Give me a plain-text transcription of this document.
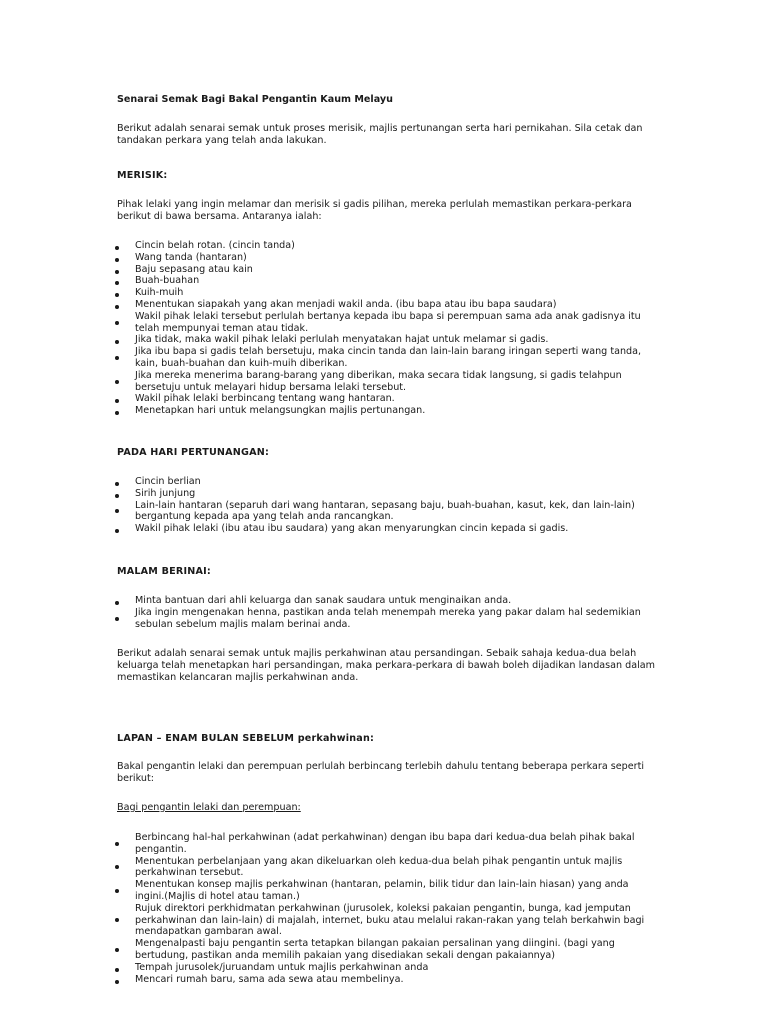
Senarai Semak Bagi Bakal Pengantin Kaum Melayu

Berikut adalah senarai semak untuk proses merisik, majlis pertunangan serta hari pernikahan. Sila cetak dan tandakan perkara yang telah anda lakukan.

MERISIK:

Pihak lelaki yang ingin melamar dan merisik si gadis pilihan, mereka perlulah memastikan perkara-perkara berikut di bawa bersama. Antaranya ialah:

Cincin belah rotan. (cincin tanda)
Wang tanda (hantaran)
Baju sepasang atau kain
Buah-buahan
Kuih-muih
Menentukan siapakah yang akan menjadi wakil anda. (ibu bapa atau ibu bapa saudara)
Wakil pihak lelaki tersebut perlulah bertanya kepada ibu bapa si perempuan sama ada anak gadisnya itu telah mempunyai teman atau tidak.
Jika tidak, maka wakil pihak lelaki perlulah menyatakan hajat untuk melamar si gadis.
Jika ibu bapa si gadis telah bersetuju, maka cincin tanda dan lain-lain barang iringan seperti wang tanda, kain, buah-buahan dan kuih-muih diberikan.
Jika mereka menerima barang-barang yang diberikan, maka secara tidak langsung, si gadis telahpun bersetuju untuk melayari hidup bersama lelaki tersebut.
Wakil pihak lelaki berbincang tentang wang hantaran.
Menetapkan hari untuk melangsungkan majlis pertunangan.

PADA HARI PERTUNANGAN:

Cincin berlian
Sirih junjung
Lain-lain hantaran (separuh dari wang hantaran, sepasang baju, buah-buahan, kasut, kek, dan lain-lain) bergantung kepada apa yang telah anda rancangkan.
Wakil pihak lelaki (ibu atau ibu saudara) yang akan menyarungkan cincin kepada si gadis.

MALAM BERINAI:

Minta bantuan dari ahli keluarga dan sanak saudara untuk menginaikan anda.
Jika ingin mengenakan henna, pastikan anda telah menempah mereka yang pakar dalam hal sedemikian sebulan sebelum majlis malam berinai anda.

Berikut adalah senarai semak untuk majlis perkahwinan atau persandingan. Sebaik sahaja kedua-dua belah keluarga telah menetapkan hari persandingan, maka perkara-perkara di bawah boleh dijadikan landasan dalam memastikan kelancaran majlis perkahwinan anda.

LAPAN – ENAM BULAN SEBELUM perkahwinan:

Bakal pengantin lelaki dan perempuan perlulah berbincang terlebih dahulu tentang beberapa perkara seperti berikut:

Bagi pengantin lelaki dan perempuan:

Berbincang hal-hal perkahwinan (adat perkahwinan) dengan ibu bapa dari kedua-dua belah pihak bakal pengantin.
Menentukan perbelanjaan yang akan dikeluarkan oleh kedua-dua belah pihak pengantin untuk majlis perkahwinan tersebut.
Menentukan konsep majlis perkahwinan (hantaran, pelamin, bilik tidur dan lain-lain hiasan) yang anda ingini.(Majlis di hotel atau taman.)
Rujuk direktori perkhidmatan perkahwinan (jurusolek, koleksi pakaian pengantin, bunga, kad jemputan perkahwinan dan lain-lain) di majalah, internet, buku atau melalui rakan-rakan yang telah berkahwin bagi mendapatkan gambaran awal.
Mengenalpasti baju pengantin serta tetapkan bilangan pakaian persalinan yang diingini. (bagi yang bertudung, pastikan anda memilih pakaian yang disediakan sekali dengan pakaiannya)
Tempah jurusolek/juruandam untuk majlis perkahwinan anda
Mencari rumah baru, sama ada sewa atau membelinya.
